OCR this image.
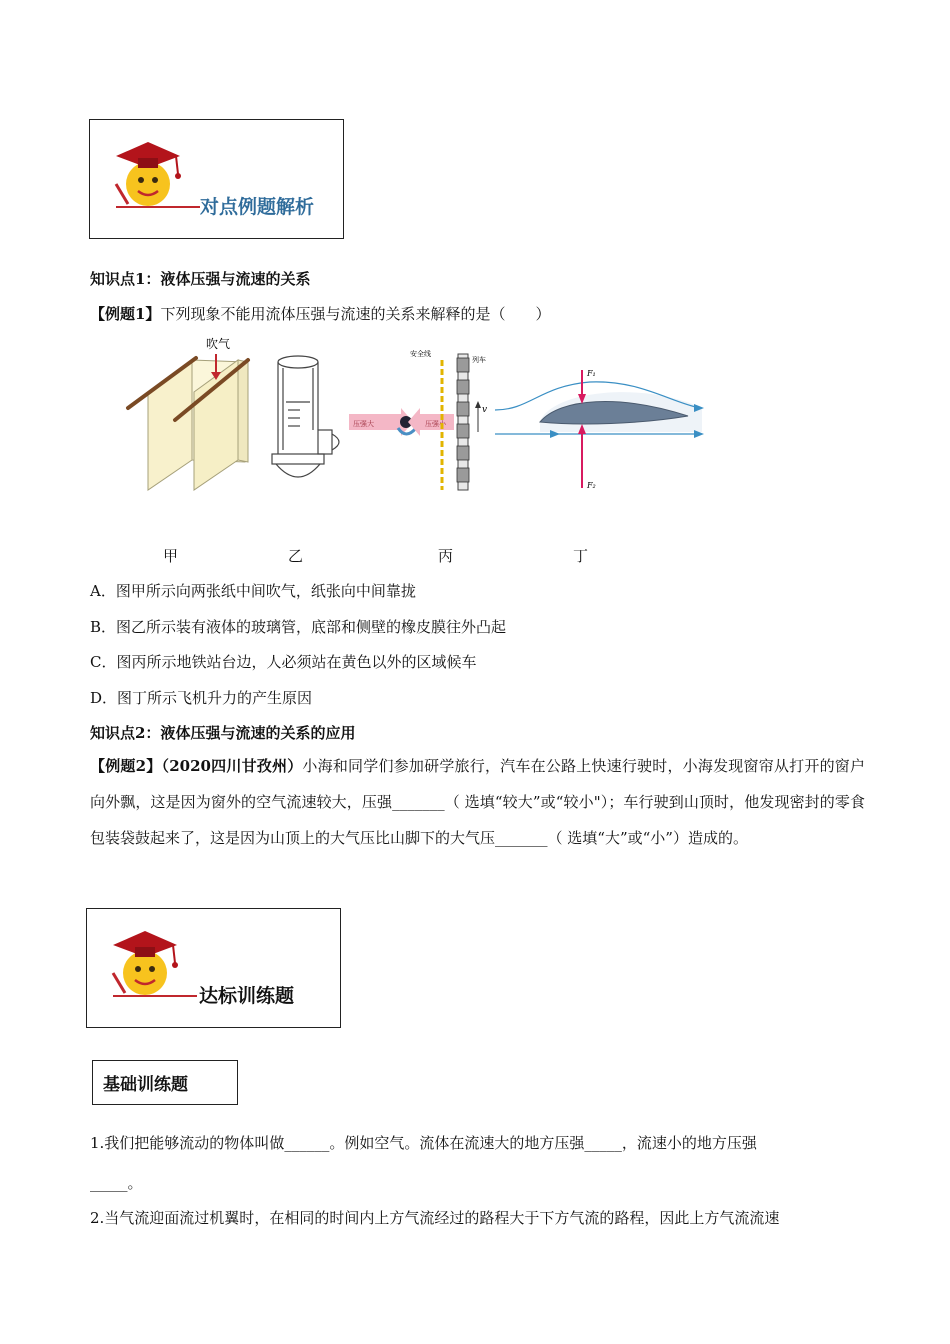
对点例题解析
知识点1：液体压强与流速的关系
【例题1】下列现象不能用流体压强与流速的关系来解释的是（　　）
吹气
压强大	压强小
安全线
列车
v
F₁
F₂
甲	乙	丙	丁
A．图甲所示向两张纸中间吹气，纸张向中间靠拢
B．图乙所示装有液体的玻璃管，底部和侧壁的橡皮膜往外凸起
C．图丙所示地铁站台边，人必须站在黄色以外的区域候车
D．图丁所示飞机升力的产生原因
知识点2：液体压强与流速的关系的应用
【例题2】（2020四川甘孜州）小海和同学们参加研学旅行，汽车在公路上快速行驶时，小海发现窗帘从打开的窗户向外飘，这是因为窗外的空气流速较大，压强_______（ 选填“较大”或“较小"）；车行驶到山顶时，他发现密封的零食包装袋鼓起来了，这是因为山顶上的大气压比山脚下的大气压_______（ 选填“大”或“小”）造成的。
达标训练题
基础训练题
1.我们把能够流动的物体叫做______。例如空气。流体在流速大的地方压强_____，流速小的地方压强
_____。
2.当气流迎面流过机翼时，在相同的时间内上方气流经过的路程大于下方气流的路程，因此上方气流流速
